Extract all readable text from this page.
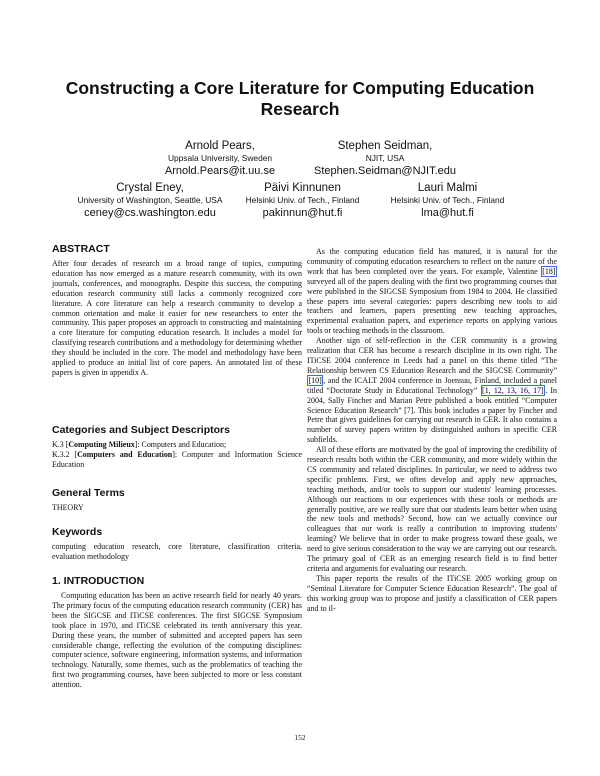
Constructing a Core Literature for Computing Education Research
Arnold Pears,
Uppsala University, Sweden
Arnold.Pears@it.uu.se
Stephen Seidman,
NJIT, USA
Stephen.Seidman@NJIT.edu
Crystal Eney,
University of Washington, Seattle, USA
ceney@cs.washington.edu
Päivi Kinnunen
Helsinki Univ. of Tech., Finland
pakinnun@hut.fi
Lauri Malmi
Helsinki Univ. of Tech., Finland
lma@hut.fi
ABSTRACT

After four decades of research on a broad range of topics, computing education has now emerged as a mature research community, with its own journals, conferences, and monographs. Despite this success, the computing education research community still lacks a commonly recognized core literature. A core literature can help a research community to develop a common orientation and make it easier for new researchers to enter the community. This paper proposes an approach to constructing and maintaining a core literature for computing education research. It includes a model for classifying research contributions and a methodology for determining whether they should be included in the core. The model and methodology have been applied to produce an initial list of core papers. An annotated list of these papers is given in appendix A.

Categories and Subject Descriptors

K.3 [Computing Milieux]: Computers and Education;
K.3.2 [Computers and Education]: Computer and Information Science Education

General Terms

THEORY

Keywords

computing education research, core literature, classification criteria, evaluation methodology

1. INTRODUCTION

Computing education has been an active research field for nearly 40 years. The primary focus of the computing education research community (CER) has been the SIGCSE and ITiCSE conferences. The first SIGCSE Symposium took place in 1970, and ITiCSE celebrated its tenth anniversary this year. During these years, the number of submitted and accepted papers has seen considerable change, reflecting the evolution of the computing disciplines: computer science, software engineering, information systems, and information technology. Naturally, some themes, such as the problematics of teaching the first two programming courses, have been subjected to more or less constant attention.

As the computing education field has matured, it is natural for the community of computing education researchers to reflect on the nature of the work that has been completed over the years. For example, Valentine [18] surveyed all of the papers dealing with the first two programming courses that were published in the SIGCSE Symposium from 1984 to 2004. He classified these papers into several categories: papers describing new tools to aid teachers and learners, papers presenting new teaching approaches, experimental evaluation papers, and experience reports on applying various tools or teaching methods in the classroom.

Another sign of self-reflection in the CER community is a growing realization that CER has become a research discipline in its own right. The ITiCSE 2004 conference in Leeds had a panel on this theme titled “The Relationship between CS Education Research and the SIGCSE Community” [10] , and the ICALT 2004 conference in Joensuu, Finland, included a panel titled “Doctorate Study in Educational Technology” [1, 12, 13, 16, 17] . In 2004, Sally Fincher and Marian Petre published a book entitled “Computer Science Education Research” [7]. This book includes a paper by Fincher and Petre that gives guidelines for carrying out research in CER. It also contains a number of survey papers written by distinguished authors in specific CER subfields.

All of these efforts are motivated by the goal of improving the credibility of research results both within the CER community, and more widely within the CS community and related disciplines. In particular, we need to address two specific problems. First, we often develop and apply new approaches, teaching methods, and/or tools to support our students' learning processes. Although our reactions to our experiences with these tools or methods are generally positive, are we really sure that our students learn better when using the new tools and methods? Second, how can we actually convince our colleagues that our work is really a contribution to improving students' learning? We believe that in order to make progress toward these goals, we need to give serious consideration to the way we are carrying out our research. The primary goal of CER as an emerging research field is to find better criteria and arguments for evaluating our research.

This paper reports the results of the ITiCSE 2005 working group on “Seminal Literature for Computer Science Education Research”. The goal of this working group was to propose and justify a classification of CER papers and to il-

152
